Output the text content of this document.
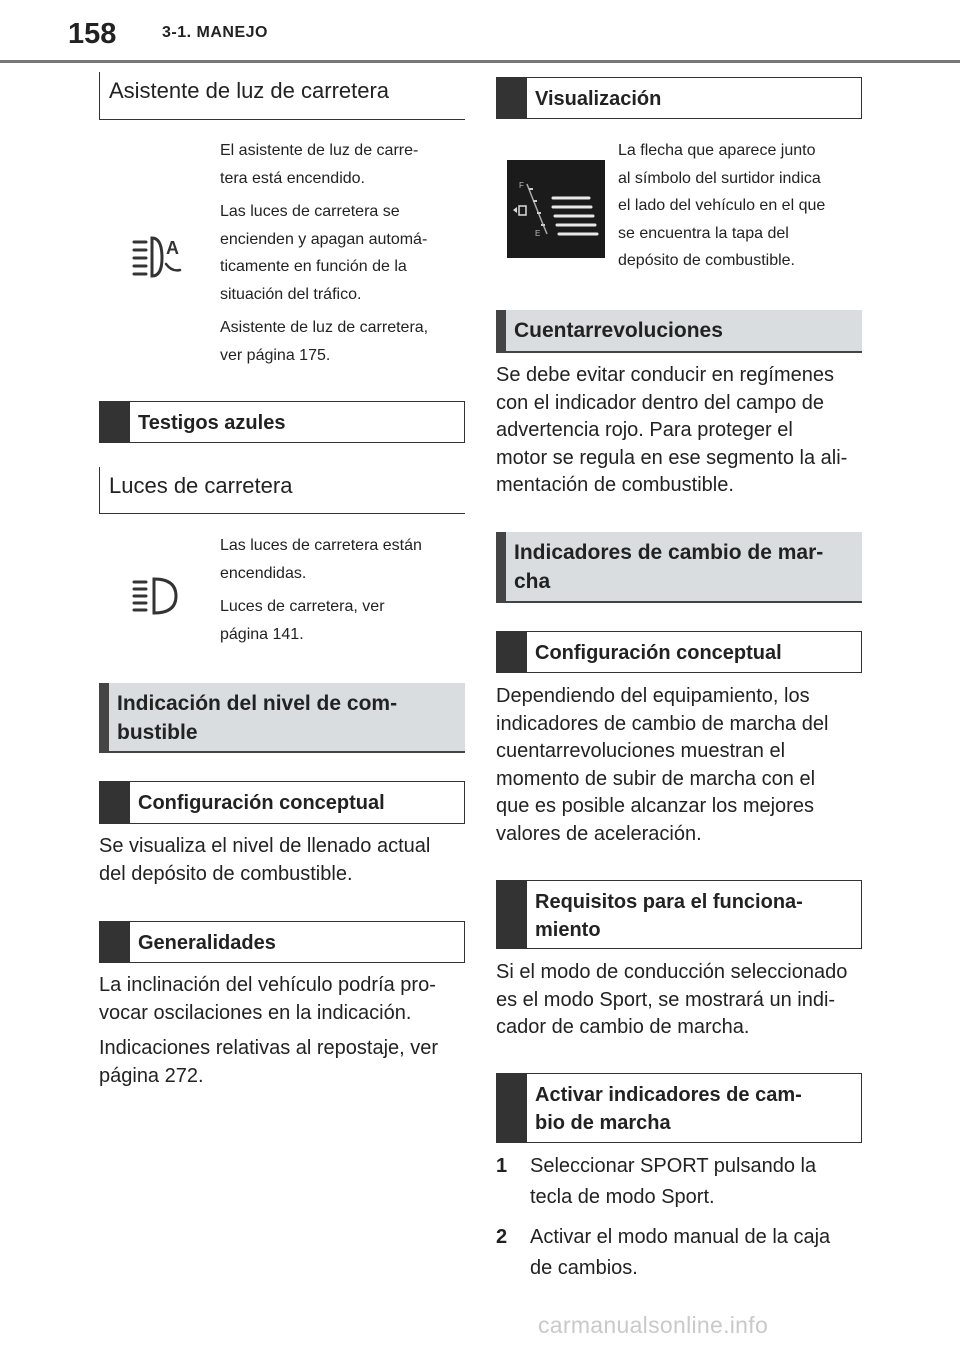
158	3-1. MANEJO
Asistente de luz de carretera
A
El asistente de luz de carre-
tera está encendido.
Las luces de carretera se
encienden y apagan automá-
ticamente en función de la
situación del tráfico.
Asistente de luz de carretera,
ver página 175.
Testigos azules
Luces de carretera
Las luces de carretera están
encendidas.
Luces de carretera, ver
página 141.
Indicación del nivel de com-
bustible
Configuración conceptual
Se visualiza el nivel de llenado actual
del depósito de combustible.
Generalidades
La inclinación del vehículo podría pro-
vocar oscilaciones en la indicación.
Indicaciones relativas al repostaje, ver
página 272.
Visualización
F
E
La flecha que aparece junto
al símbolo del surtidor indica
el lado del vehículo en el que
se encuentra la tapa del
depósito de combustible.
Cuentarrevoluciones
Se debe evitar conducir en regímenes
con el indicador dentro del campo de
advertencia rojo. Para proteger el
motor se regula en ese segmento la ali-
mentación de combustible.
Indicadores de cambio de mar-
cha
Configuración conceptual
Dependiendo del equipamiento, los
indicadores de cambio de marcha del
cuentarrevoluciones muestran el
momento de subir de marcha con el
que es posible alcanzar los mejores
valores de aceleración.
Requisitos para el funciona-
miento
Si el modo de conducción seleccionado
es el modo Sport, se mostrará un indi-
cador de cambio de marcha.
Activar indicadores de cam-
bio de marcha
1 Seleccionar SPORT pulsando la
tecla de modo Sport.
2 Activar el modo manual de la caja
de cambios.
carmanualsonline.info
